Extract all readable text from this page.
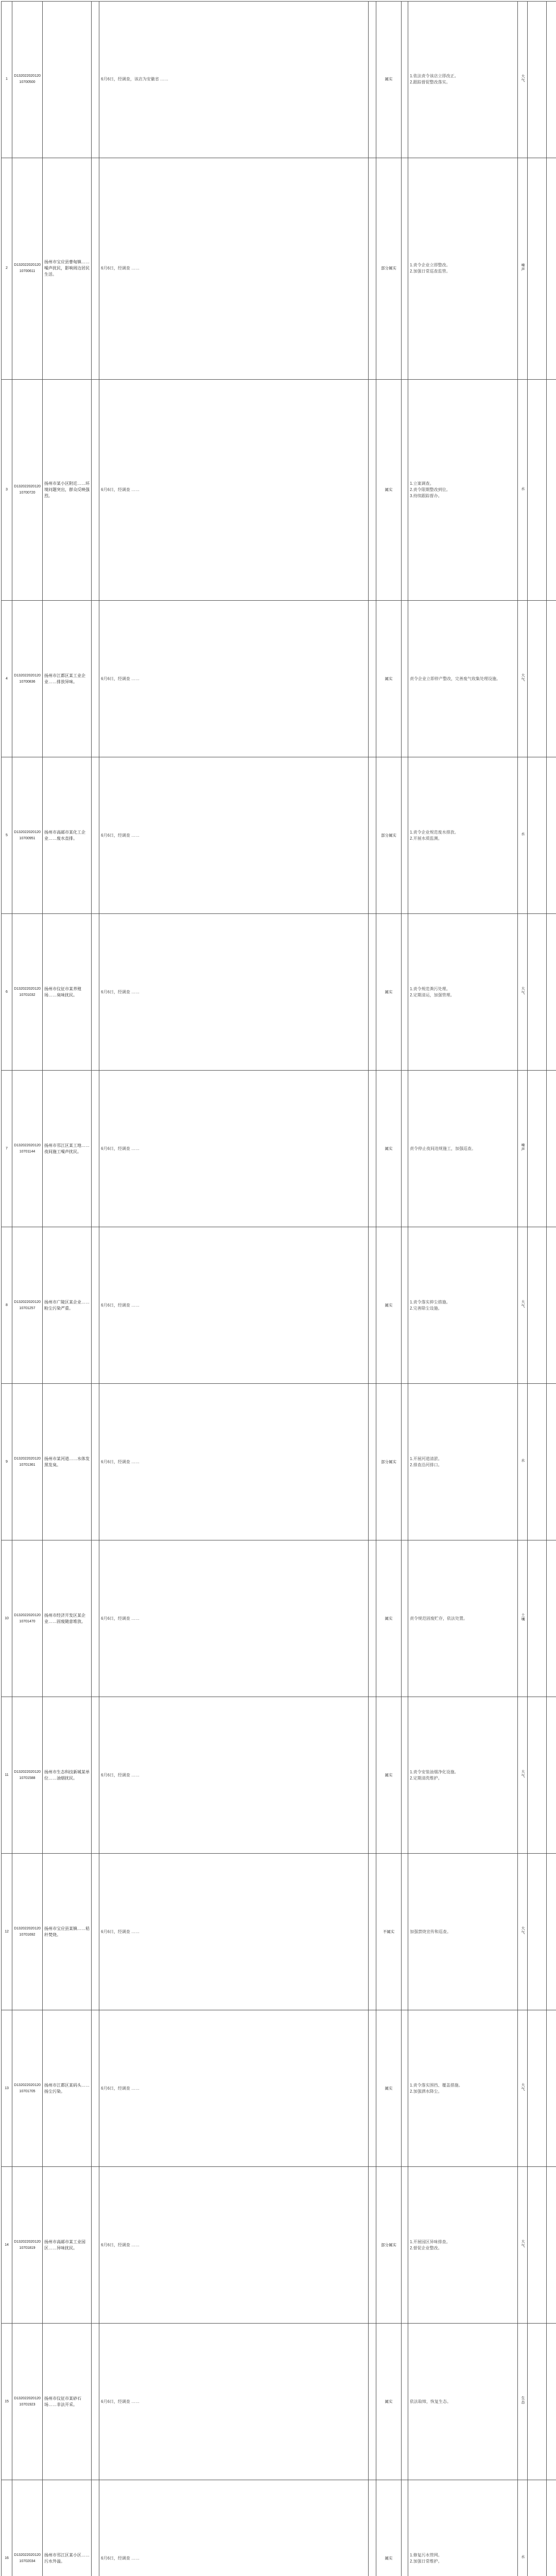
1	D13202202012010700500			6月6日，经调查，该店为安徽省 ……		属实		1.依法责令该店立即改正。
2.跟踪督促整改落实。	大气			
2	D13202202012010700611	扬州市宝应县曹甸镇……噪声扰民，影响周边居民生活。		6月6日，经调查 ……		部分属实		1.责令企业立即整改。
2.加强日常巡查监管。	噪声			
3	D13202202012010700720	扬州市某小区附近……环境问题突出，群众反映强烈。		6月6日，经调查 ……		属实		1.立案调查。
2.责令限期整改到位。
3.持续跟踪督办。	水			
4	D13202202012010700836	扬州市江都区某工业企业……排放异味。		6月6日，经调查 ……		属实		责令企业立即停产整改，完善废气收集处理设施。	大气			
5	D13202202012010700951	扬州市高邮市某化工企业……废水直排。		6月6日，经调查 ……		部分属实		1.责令企业规范废水排放。
2.开展水质监测。	水			
6	D13202202012010701032	扬州市仪征市某养殖场……臭味扰民。		6月6日，经调查 ……		属实		1.责令规范粪污处理。
2.定期清运，加强管理。	大气			
7	D13202202012010701144	扬州市邗江区某工地……夜间施工噪声扰民。		6月6日，经调查 ……		属实		责令停止夜间违规施工，加强巡查。	噪声			
8	D13202202012010701257	扬州市广陵区某企业……粉尘污染严重。		6月6日，经调查 ……		属实		1.责令落实抑尘措施。
2.完善除尘设施。	大气			
9	D13202202012010701361	扬州市某河道……水体发黑发臭。		6月6日，经调查 ……		部分属实		1.开展河道清淤。
2.排查沿河排口。	水			
10	D13202202012010701470	扬州市经济开发区某企业……固废随意堆放。		6月6日，经调查 ……		属实		责令规范固废贮存，依法处置。	土壤			
11	D13202202012010701588	扬州市生态科技新城某单位……油烟扰民。		6月6日，经调查 ……		属实		1.责令安装油烟净化设施。
2.定期清洗维护。	大气			
12	D13202202012010701692	扬州市宝应县某镇……秸秆焚烧。		6月6日，经调查 ……		不属实		加强禁烧宣传和巡查。	大气			
13	D13202202012010701705	扬州市江都区某码头……扬尘污染。		6月6日，经调查 ……		属实		1.责令落实围挡、覆盖措施。
2.加强洒水降尘。	大气			
14	D13202202012010701819	扬州市高邮市某工业园区……异味扰民。		6月6日，经调查 ……		部分属实		1.开展园区异味排查。
2.督促企业整改。	大气			
15	D13202202012010701923	扬州市仪征市某砂石场……非法开采。		6月6日，经调查 ……		属实		依法取缔，恢复生态。	生态			
16	D13202202012010702034	扬州市邗江区某小区……污水外溢。		6月6日，经调查 ……		属实		1.修复污水管网。
2.加强日常维护。	水			
